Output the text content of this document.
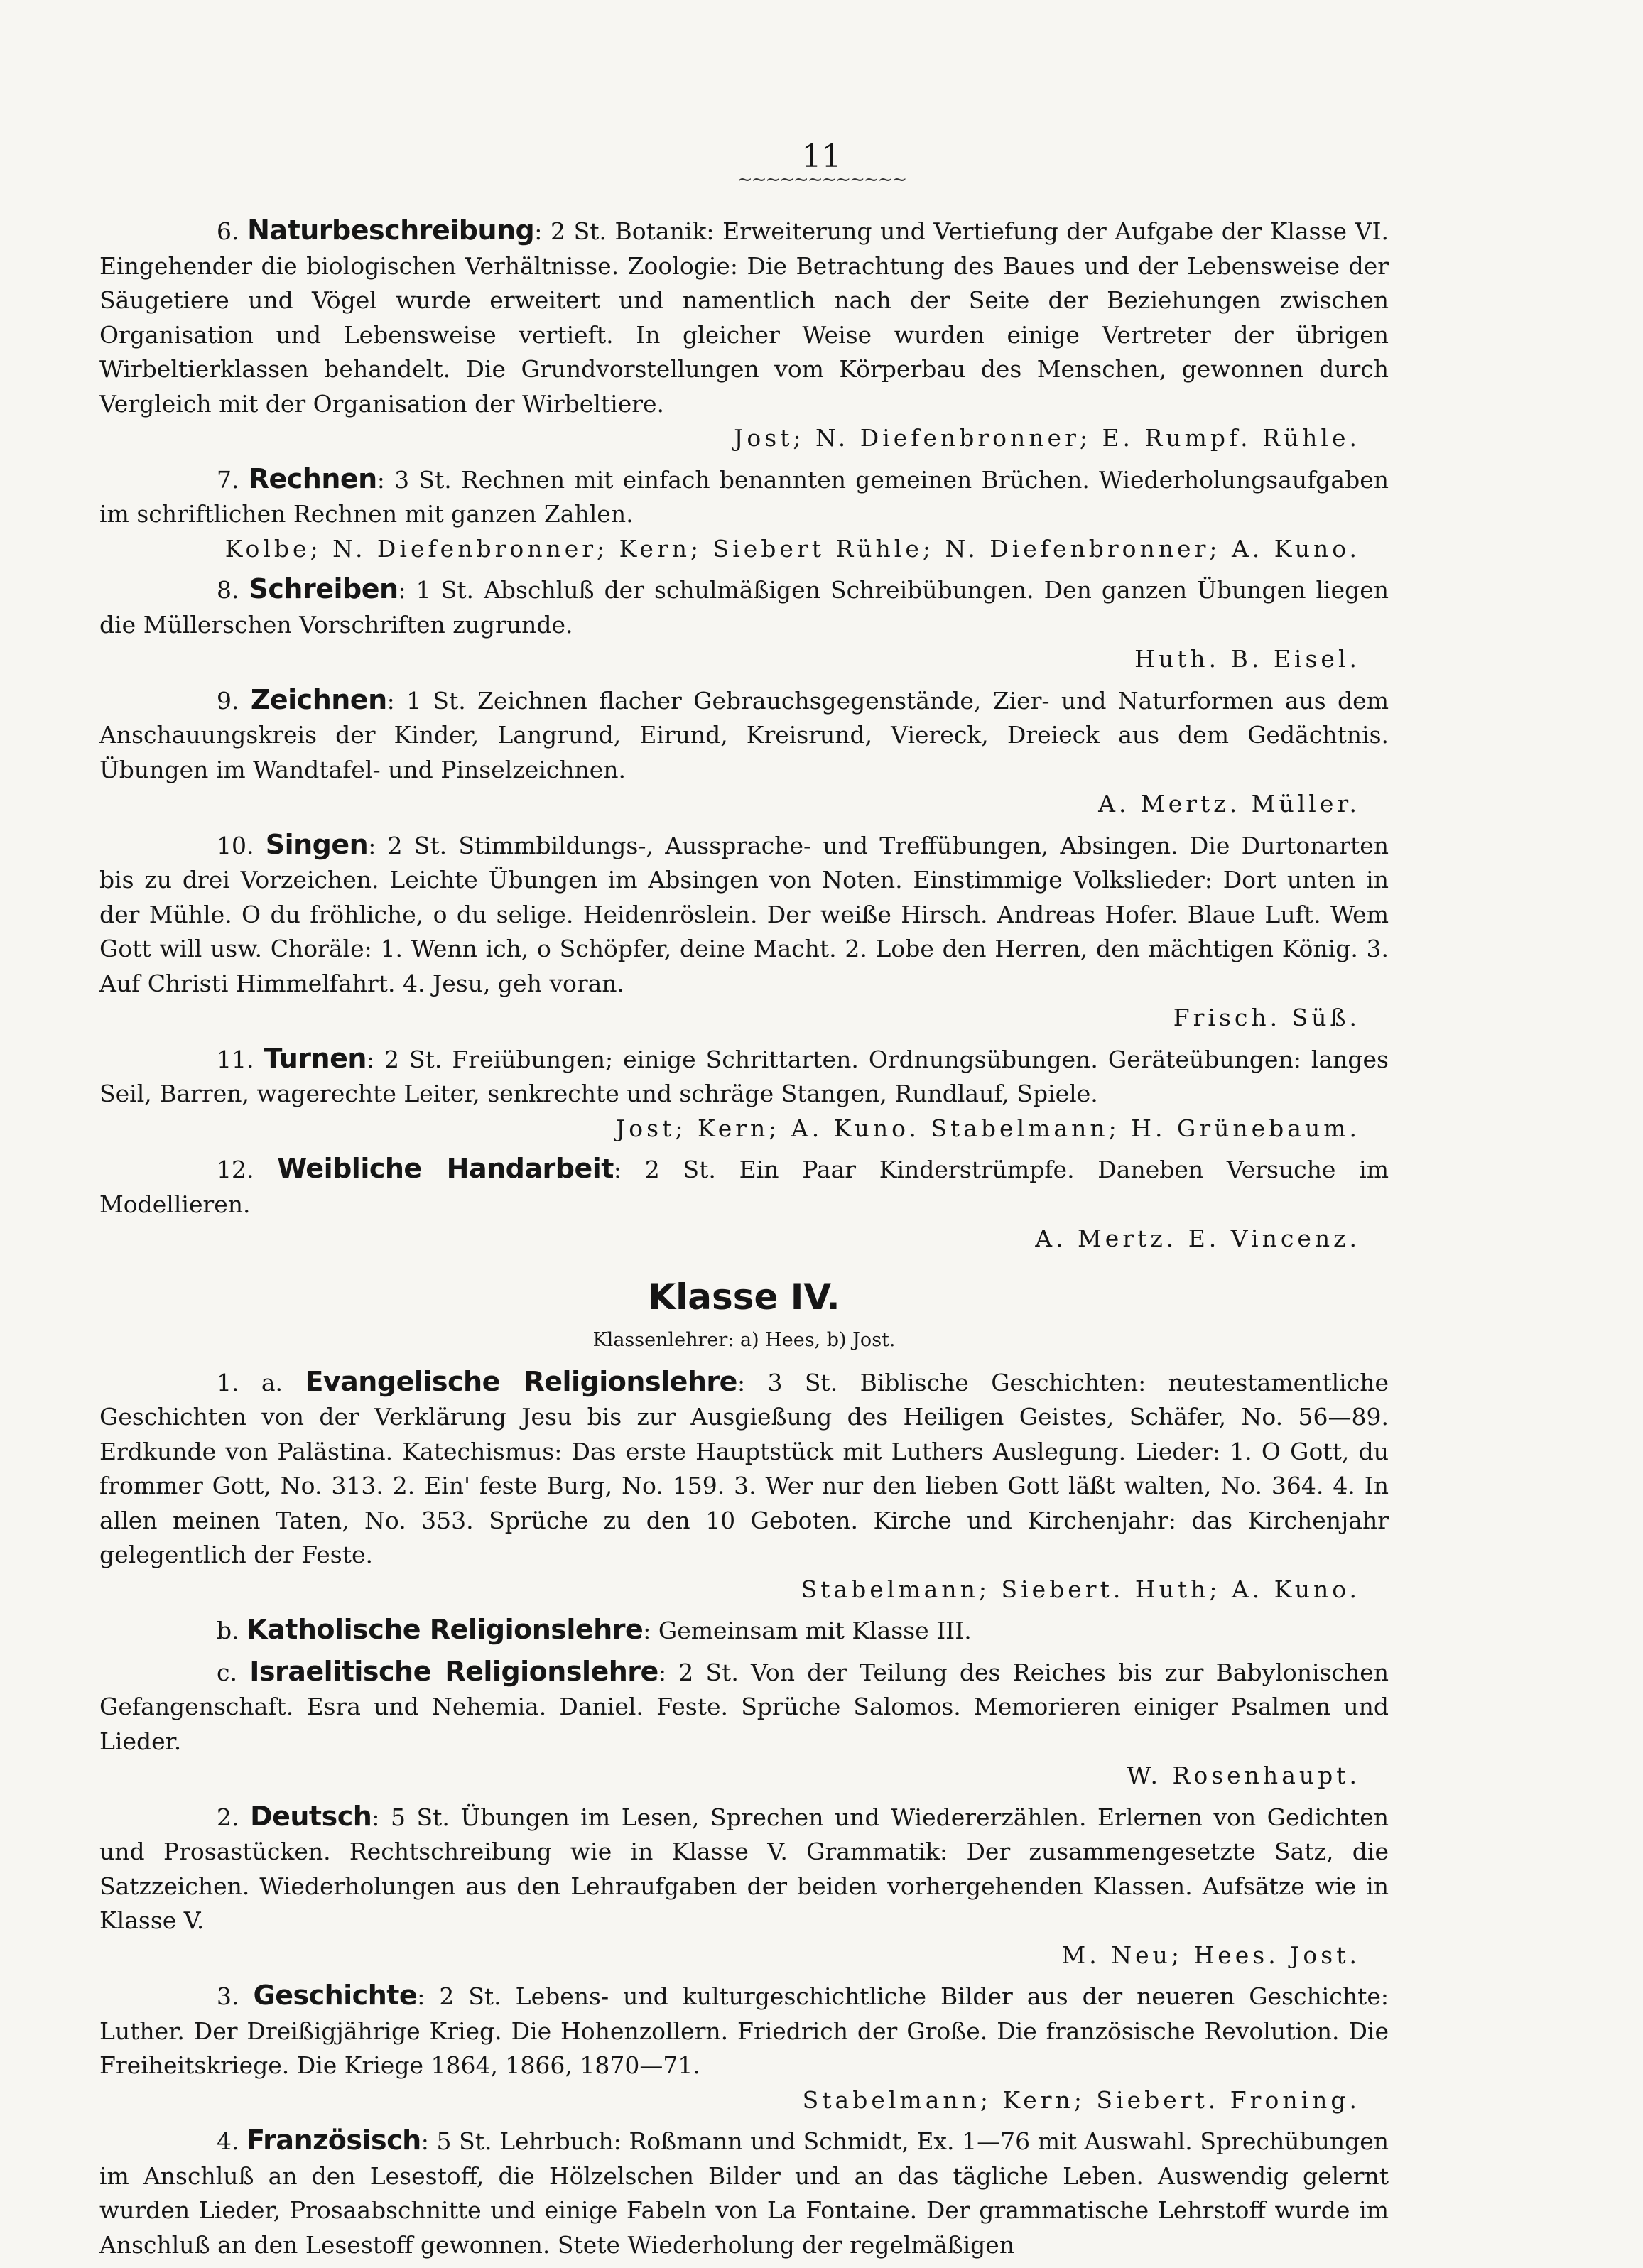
11
~~~~~~~~~~~~

6. Naturbeschreibung: 2 St. Botanik: Erweiterung und Vertiefung der Aufgabe der Klasse VI. Eingehender die biologischen Verhältnisse. Zoologie: Die Betrachtung des Baues und der Lebensweise der Säugetiere und Vögel wurde erweitert und namentlich nach der Seite der Beziehungen zwischen Organisation und Lebensweise vertieft. In gleicher Weise wurden einige Vertreter der übrigen Wirbeltierklassen behandelt. Die Grundvorstellungen vom Körperbau des Menschen, gewonnen durch Vergleich mit der Organisation der Wirbeltiere.
Jost; N. Diefenbronner; E. Rumpf. Rühle.

7. Rechnen: 3 St. Rechnen mit einfach benannten gemeinen Brüchen. Wiederholungsaufgaben im schriftlichen Rechnen mit ganzen Zahlen.
Kolbe; N. Diefenbronner; Kern; Siebert Rühle; N. Diefenbronner; A. Kuno.

8. Schreiben: 1 St. Abschluß der schulmäßigen Schreibübungen. Den ganzen Übungen liegen die Müllerschen Vorschriften zugrunde.
Huth. B. Eisel.

9. Zeichnen: 1 St. Zeichnen flacher Gebrauchsgegenstände, Zier- und Naturformen aus dem Anschauungskreis der Kinder, Langrund, Eirund, Kreisrund, Viereck, Dreieck aus dem Gedächtnis. Übungen im Wandtafel- und Pinselzeichnen.
A. Mertz. Müller.

10. Singen: 2 St. Stimmbildungs-, Aussprache- und Treffübungen, Absingen. Die Durtonarten bis zu drei Vorzeichen. Leichte Übungen im Absingen von Noten. Einstimmige Volkslieder: Dort unten in der Mühle. O du fröhliche, o du selige. Heidenröslein. Der weiße Hirsch. Andreas Hofer. Blaue Luft. Wem Gott will usw. Choräle: 1. Wenn ich, o Schöpfer, deine Macht. 2. Lobe den Herren, den mächtigen König. 3. Auf Christi Himmelfahrt. 4. Jesu, geh voran.
Frisch. Süß.

11. Turnen: 2 St. Freiübungen; einige Schrittarten. Ordnungsübungen. Geräteübungen: langes Seil, Barren, wagerechte Leiter, senkrechte und schräge Stangen, Rundlauf, Spiele.
Jost; Kern; A. Kuno. Stabelmann; H. Grünebaum.

12. Weibliche Handarbeit: 2 St. Ein Paar Kinderstrümpfe. Daneben Versuche im Modellieren.
A. Mertz. E. Vincenz.

Klasse IV.
Klassenlehrer: a) Hees, b) Jost.

1. a. Evangelische Religionslehre: 3 St. Biblische Geschichten: neutestamentliche Geschichten von der Verklärung Jesu bis zur Ausgießung des Heiligen Geistes, Schäfer, No. 56—89. Erdkunde von Palästina. Katechismus: Das erste Hauptstück mit Luthers Auslegung. Lieder: 1. O Gott, du frommer Gott, No. 313. 2. Ein' feste Burg, No. 159. 3. Wer nur den lieben Gott läßt walten, No. 364. 4. In allen meinen Taten, No. 353. Sprüche zu den 10 Geboten. Kirche und Kirchenjahr: das Kirchenjahr gelegentlich der Feste.
Stabelmann; Siebert. Huth; A. Kuno.

b. Katholische Religionslehre: Gemeinsam mit Klasse III.

c. Israelitische Religionslehre: 2 St. Von der Teilung des Reiches bis zur Babylonischen Gefangenschaft. Esra und Nehemia. Daniel. Feste. Sprüche Salomos. Memorieren einiger Psalmen und Lieder.
W. Rosenhaupt.

2. Deutsch: 5 St. Übungen im Lesen, Sprechen und Wiedererzählen. Erlernen von Gedichten und Prosastücken. Rechtschreibung wie in Klasse V. Grammatik: Der zusammengesetzte Satz, die Satzzeichen. Wiederholungen aus den Lehraufgaben der beiden vorhergehenden Klassen. Aufsätze wie in Klasse V.
M. Neu; Hees. Jost.

3. Geschichte: 2 St. Lebens- und kulturgeschichtliche Bilder aus der neueren Geschichte: Luther. Der Dreißigjährige Krieg. Die Hohenzollern. Friedrich der Große. Die französische Revolution. Die Freiheitskriege. Die Kriege 1864, 1866, 1870—71.
Stabelmann; Kern; Siebert. Froning.

4. Französisch: 5 St. Lehrbuch: Roßmann und Schmidt, Ex. 1—76 mit Auswahl. Sprechübungen im Anschluß an den Lesestoff, die Hölzelschen Bilder und an das tägliche Leben. Auswendig gelernt wurden Lieder, Prosaabschnitte und einige Fabeln von La Fontaine. Der grammatische Lehrstoff wurde im Anschluß an den Lesestoff gewonnen. Stete Wiederholung der regelmäßigen
